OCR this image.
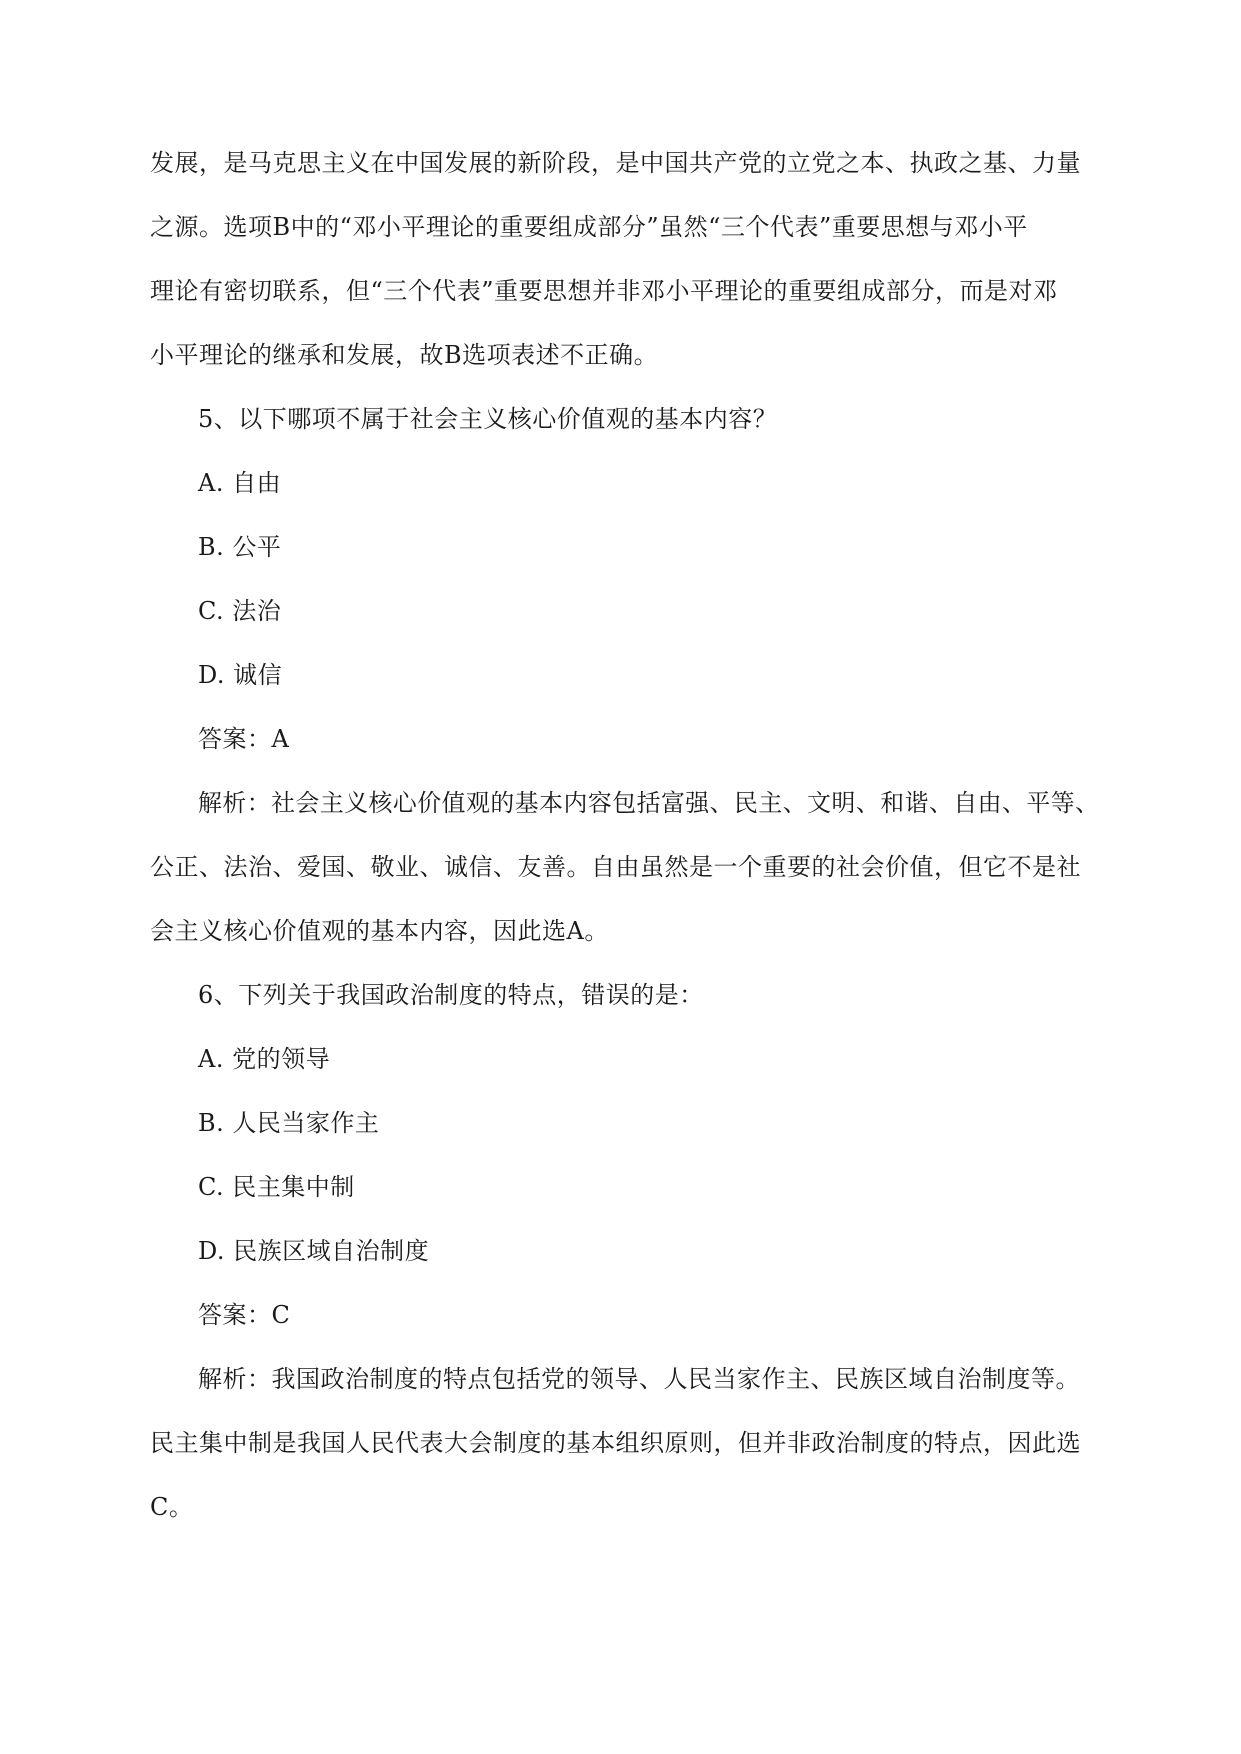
发展，是马克思主义在中国发展的新阶段，是中国共产党的立党之本、执政之基、力量
之源。选项B中的“邓小平理论的重要组成部分”虽然“三个代表”重要思想与邓小平
理论有密切联系，但“三个代表”重要思想并非邓小平理论的重要组成部分，而是对邓
小平理论的继承和发展，故B选项表述不正确。
5、以下哪项不属于社会主义核心价值观的基本内容？
A. 自由
B. 公平
C. 法治
D. 诚信
答案：A
解析：社会主义核心价值观的基本内容包括富强、民主、文明、和谐、自由、平等、
公正、法治、爱国、敬业、诚信、友善。自由虽然是一个重要的社会价值，但它不是社
会主义核心价值观的基本内容，因此选A。
6、下列关于我国政治制度的特点，错误的是：
A. 党的领导
B. 人民当家作主
C. 民主集中制
D. 民族区域自治制度
答案：C
解析：我国政治制度的特点包括党的领导、人民当家作主、民族区域自治制度等。
民主集中制是我国人民代表大会制度的基本组织原则，但并非政治制度的特点，因此选
C。
